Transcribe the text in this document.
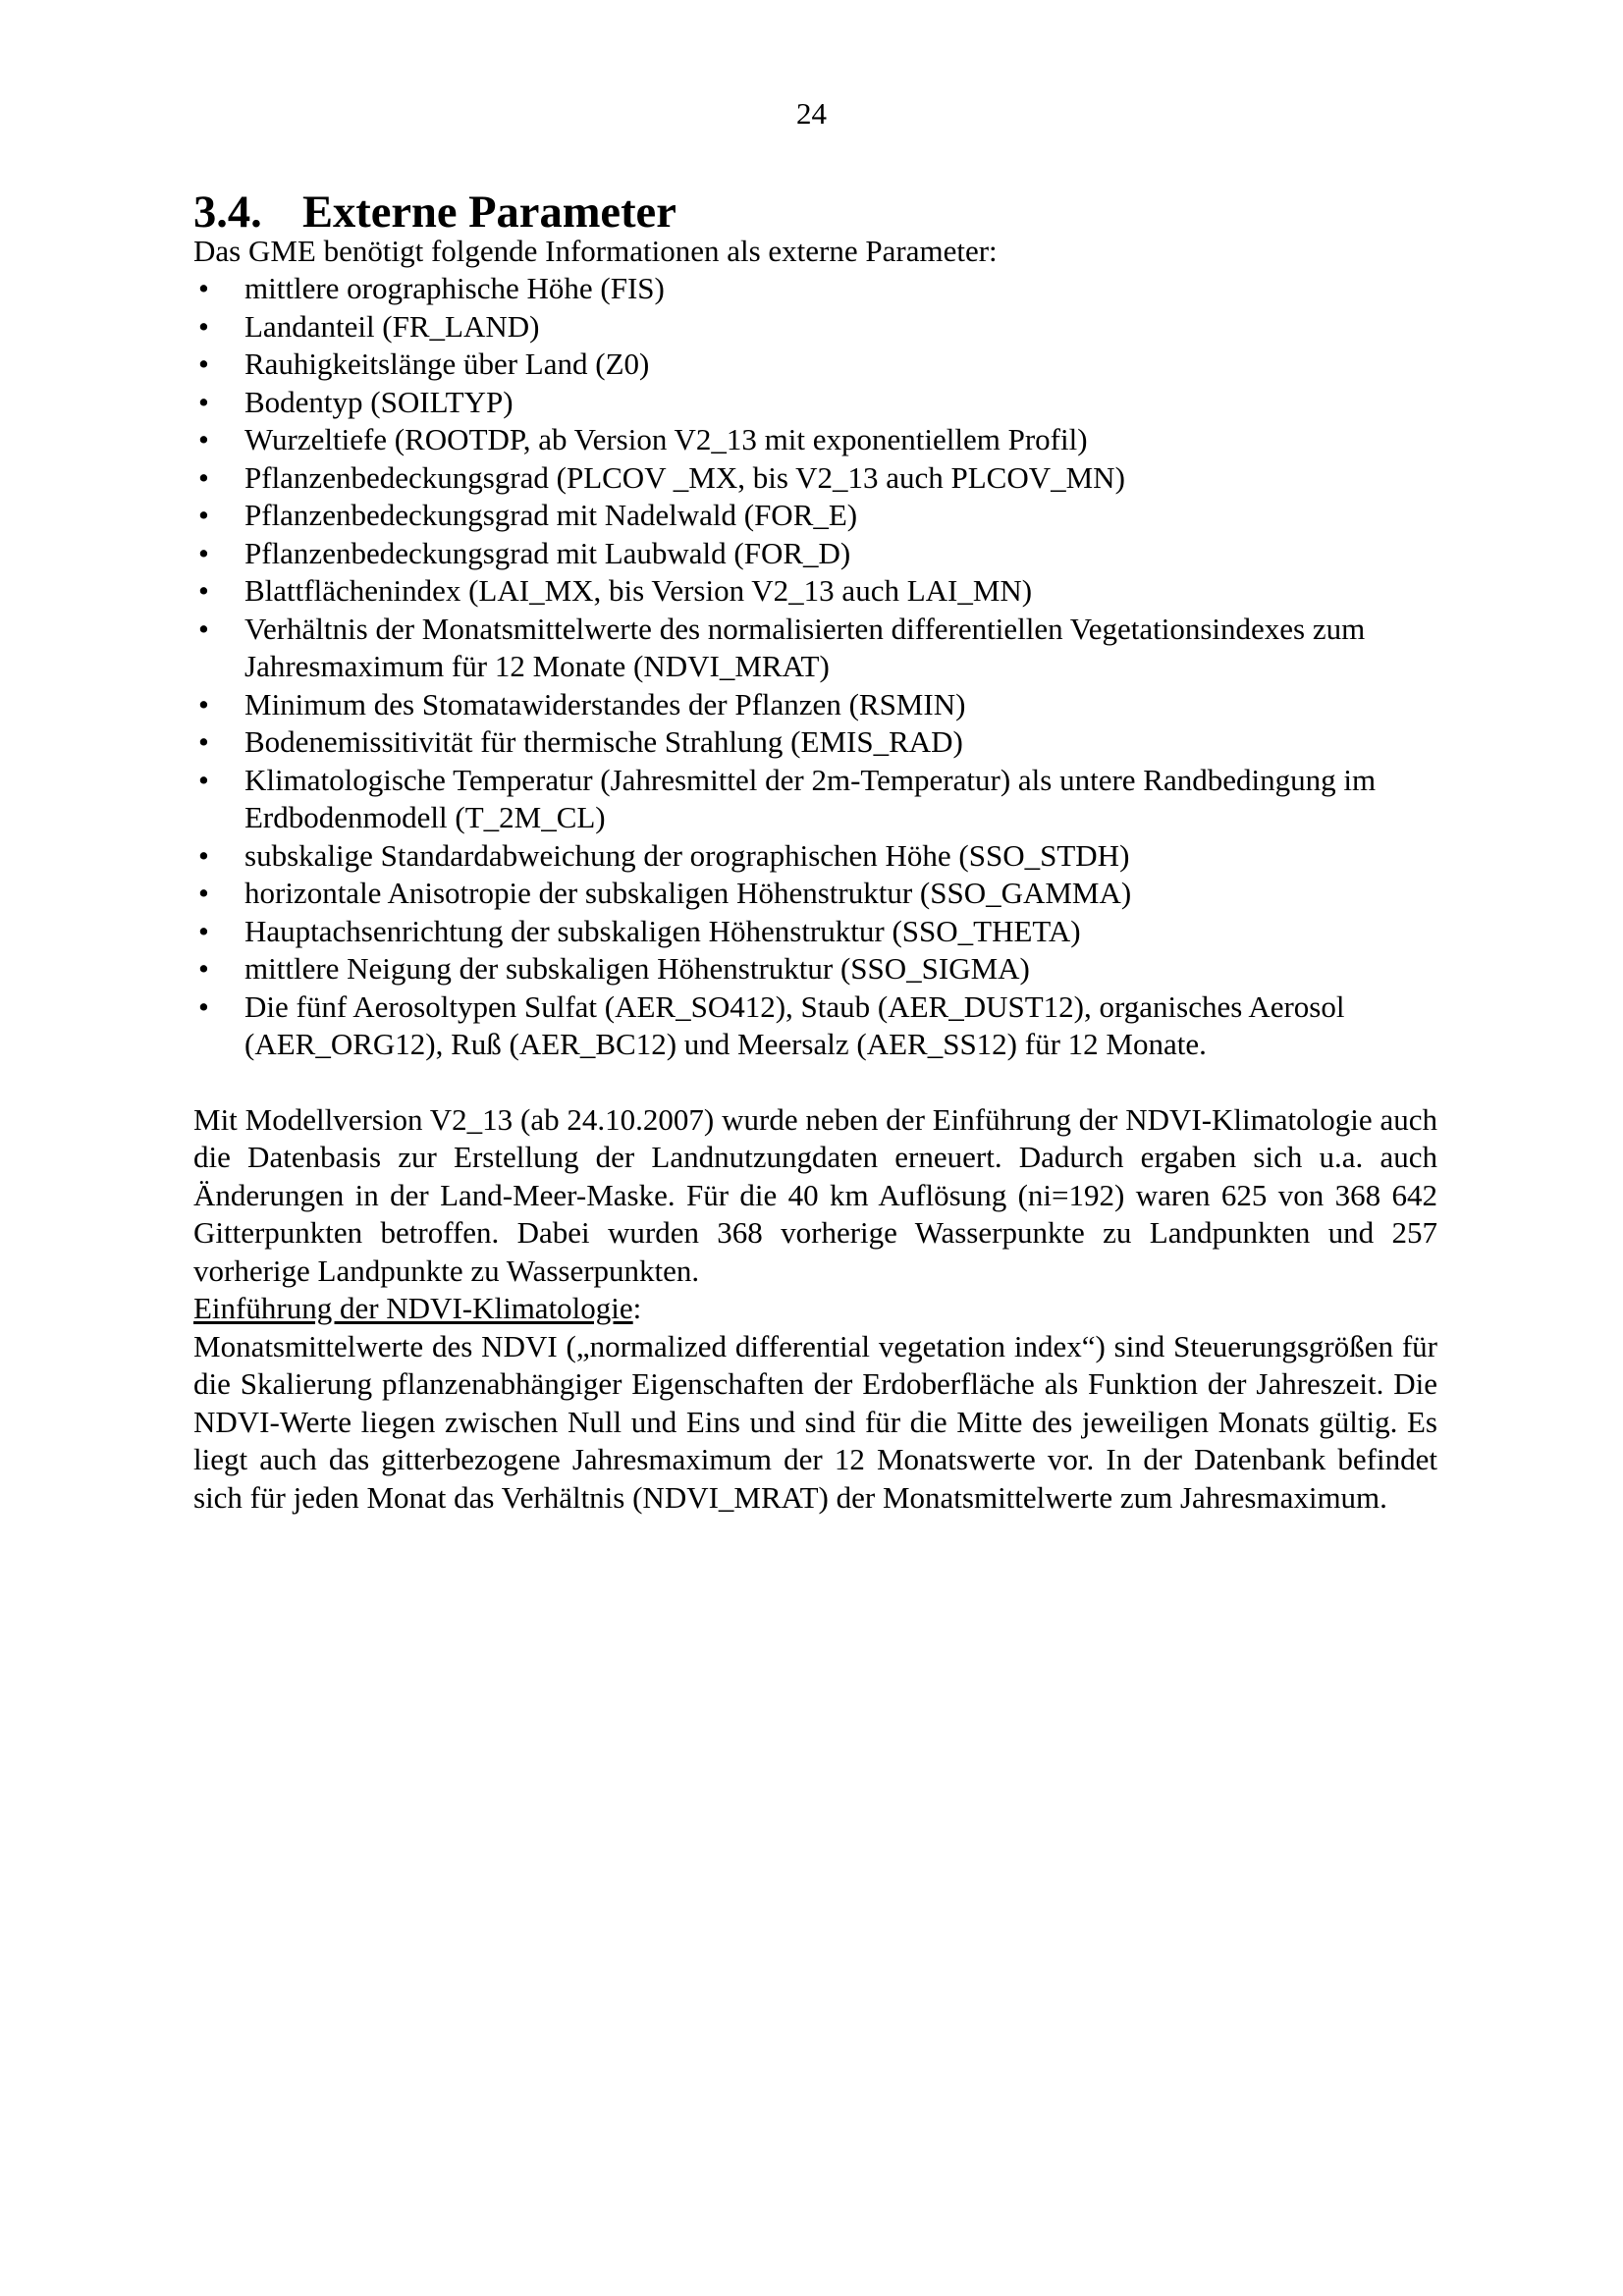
24
3.4. Externe Parameter

Das GME benötigt folgende Informationen als externe Parameter:

• mittlere orographische Höhe (FIS)
• Landanteil (FR_LAND)
• Rauhigkeitslänge über Land (Z0)
• Bodentyp (SOILTYP)
• Wurzeltiefe (ROOTDP, ab Version V2_13 mit exponentiellem Profil)
• Pflanzenbedeckungsgrad (PLCOV _MX, bis V2_13 auch PLCOV_MN)
• Pflanzenbedeckungsgrad mit Nadelwald (FOR_E)
• Pflanzenbedeckungsgrad mit Laubwald (FOR_D)
• Blattflächenindex (LAI_MX, bis Version V2_13 auch LAI_MN)
• Verhältnis der Monatsmittelwerte des normalisierten differentiellen Vegetationsindexes zum Jahresmaximum für 12 Monate (NDVI_MRAT)
• Minimum des Stomatawiderstandes der Pflanzen (RSMIN)
• Bodenemissitivität für thermische Strahlung (EMIS_RAD)
• Klimatologische Temperatur (Jahresmittel der 2m-Temperatur) als untere Randbedingung im Erdbodenmodell (T_2M_CL)
• subskalige Standardabweichung der orographischen Höhe (SSO_STDH)
• horizontale Anisotropie der subskaligen Höhenstruktur (SSO_GAMMA)
• Hauptachsenrichtung der subskaligen Höhenstruktur (SSO_THETA)
• mittlere Neigung der subskaligen Höhenstruktur (SSO_SIGMA)
• Die fünf Aerosoltypen Sulfat (AER_SO412), Staub (AER_DUST12), organisches Aerosol (AER_ORG12), Ruß (AER_BC12) und Meersalz (AER_SS12) für 12 Monate.

Mit Modellversion V2_13 (ab 24.10.2007) wurde neben der Einführung der NDVI-Klimatologie auch die Datenbasis zur Erstellung der Landnutzungdaten erneuert. Dadurch ergaben sich u.a. auch Änderungen in der Land-Meer-Maske. Für die 40 km Auflösung (ni=192) waren 625 von 368 642 Gitterpunkten betroffen. Dabei wurden 368 vorherige Wasserpunkte zu Landpunkten und 257 vorherige Landpunkte zu Wasserpunkten.

Einführung der NDVI-Klimatologie:

Monatsmittelwerte des NDVI („normalized differential vegetation index“) sind Steuerungsgrößen für die Skalierung pflanzenabhängiger Eigenschaften der Erdoberfläche als Funktion der Jahreszeit. Die NDVI-Werte liegen zwischen Null und Eins und sind für die Mitte des jeweiligen Monats gültig. Es liegt auch das gitterbezogene Jahresmaximum der 12 Monatswerte vor. In der Datenbank befindet sich für jeden Monat das Verhältnis (NDVI_MRAT) der Monatsmittelwerte zum Jahresmaximum.
